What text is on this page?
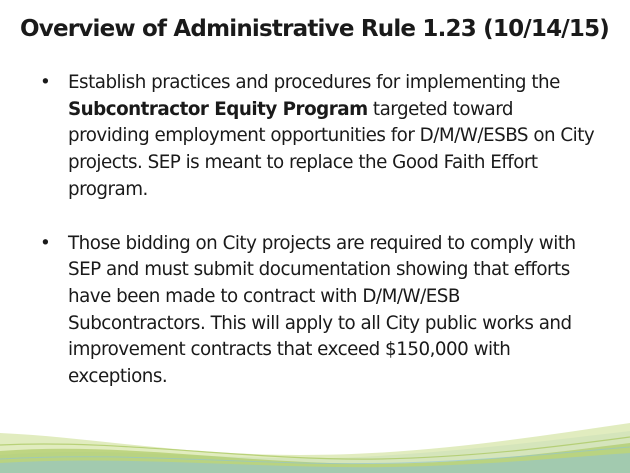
Overview of Administrative Rule 1.23 (10/14/15)
• Establish practices and procedures for implementing the Subcontractor Equity Program targeted toward providing employment opportunities for D/M/W/ESBS on City projects. SEP is meant to replace the Good Faith Effort program.
• Those bidding on City projects are required to comply with SEP and must submit documentation showing that efforts have been made to contract with D/M/W/ESB Subcontractors. This will apply to all City public works and improvement contracts that exceed $150,000 with exceptions.
